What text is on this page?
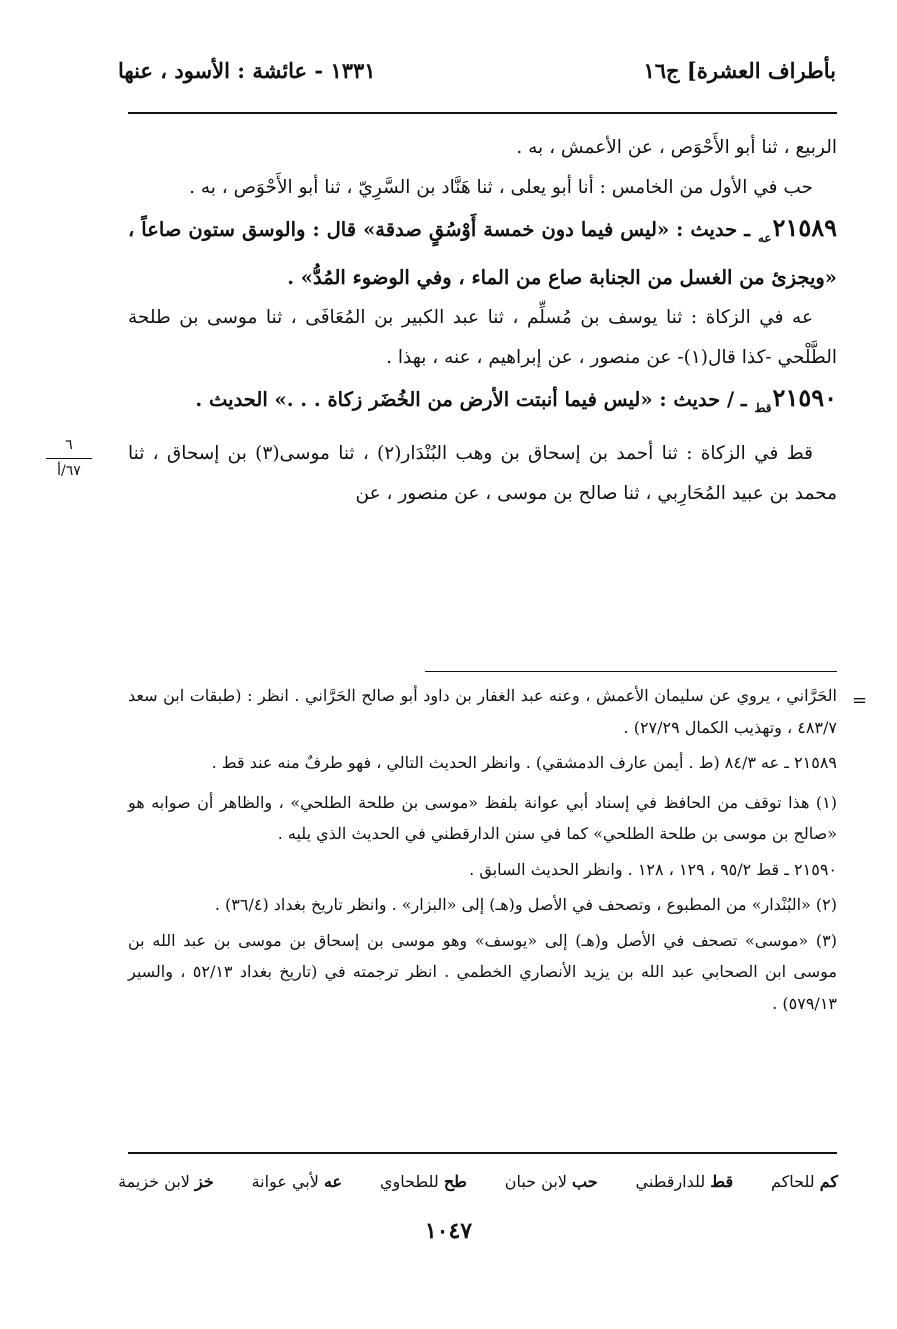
بأطراف العشرة] ج١٦
١٣٣١ - عائشة : الأسود ، عنها

الربيع ، ثنا أبو الأَحْوَص ، عن الأعمش ، به .

حب في الأول من الخامس : أنا أبو يعلى ، ثنا هَنَّاد بن السَّرِيّ ، ثنا أبو الأَحْوَص ، به .

$٢١٥٨٩_{عه}$ ـ حديث : «ليس فيما دون خمسة أَوْسُقٍ صدقة» قال : والوسق ستون صاعاً ، «ويجزئ من الغسل من الجنابة صاع من الماء ، وفي الوضوء المُدُّ» .

عه في الزكاة : ثنا يوسف بن مُسلِّم ، ثنا عبد الكبير بن المُعَافَى ، ثنا موسى بن طلحة الطَّلْحي -كذا قال(١)- عن منصور ، عن إبراهيم ، عنه ، بهذا .

$٢١٥٩٠_{قط}$ ـ / حديث : «ليس فيما أنبتت الأرض من الخُضَر زكاة . . .» الحديث .

قط في الزكاة : ثنا أحمد بن إسحاق بن وهب البُنْدَار(٢) ، ثنا موسى(٣) بن إسحاق ، ثنا محمد بن عبيد المُحَارِبي ، ثنا صالح بن موسى ، عن منصور ، عن

٦
٦٧/أ
=

الحَرَّاني ، يروي عن سليمان الأعمش ، وعنه عبد الغفار بن داود أبو صالح الحَرَّاني . انظر : (طبقات ابن سعد ٤٨٣/٧ ، وتهذيب الكمال ٢٧/٢٩) .

٢١٥٨٩ ـ عه ٨٤/٣ (ط . أيمن عارف الدمشقي) . وانظر الحديث التالي ، فهو طرفٌ منه عند قط .

(١) هذا توقف من الحافظ في إسناد أبي عوانة بلفظ «موسى بن طلحة الطلحي» ، والظاهر أن صوابه هو «صالح بن موسى بن طلحة الطلحي» كما في سنن الدارقطني في الحديث الذي يليه .

٢١٥٩٠ ـ قط ٩٥/٢ ، ١٢٩ ، ١٢٨ . وانظر الحديث السابق .

(٢) «البُنْدار» من المطبوع ، وتصحف في الأصل و(هـ) إلى «البزار» . وانظر تاريخ بغداد (٣٦/٤) .

(٣) «موسى» تصحف في الأصل و(هـ) إلى «يوسف» وهو موسى بن إسحاق بن موسى بن عبد الله بن موسى ابن الصحابي عبد الله بن يزيد الأنصاري الخطمي . انظر ترجمته في (تاريخ بغداد ٥٢/١٣ ، والسير ٥٧٩/١٣) .

خز لابن خزيمة	عه لأبي عوانة	طح للطحاوي	حب لابن حبان	قط للدارقطني	كم للحاكم
١٠٤٧
